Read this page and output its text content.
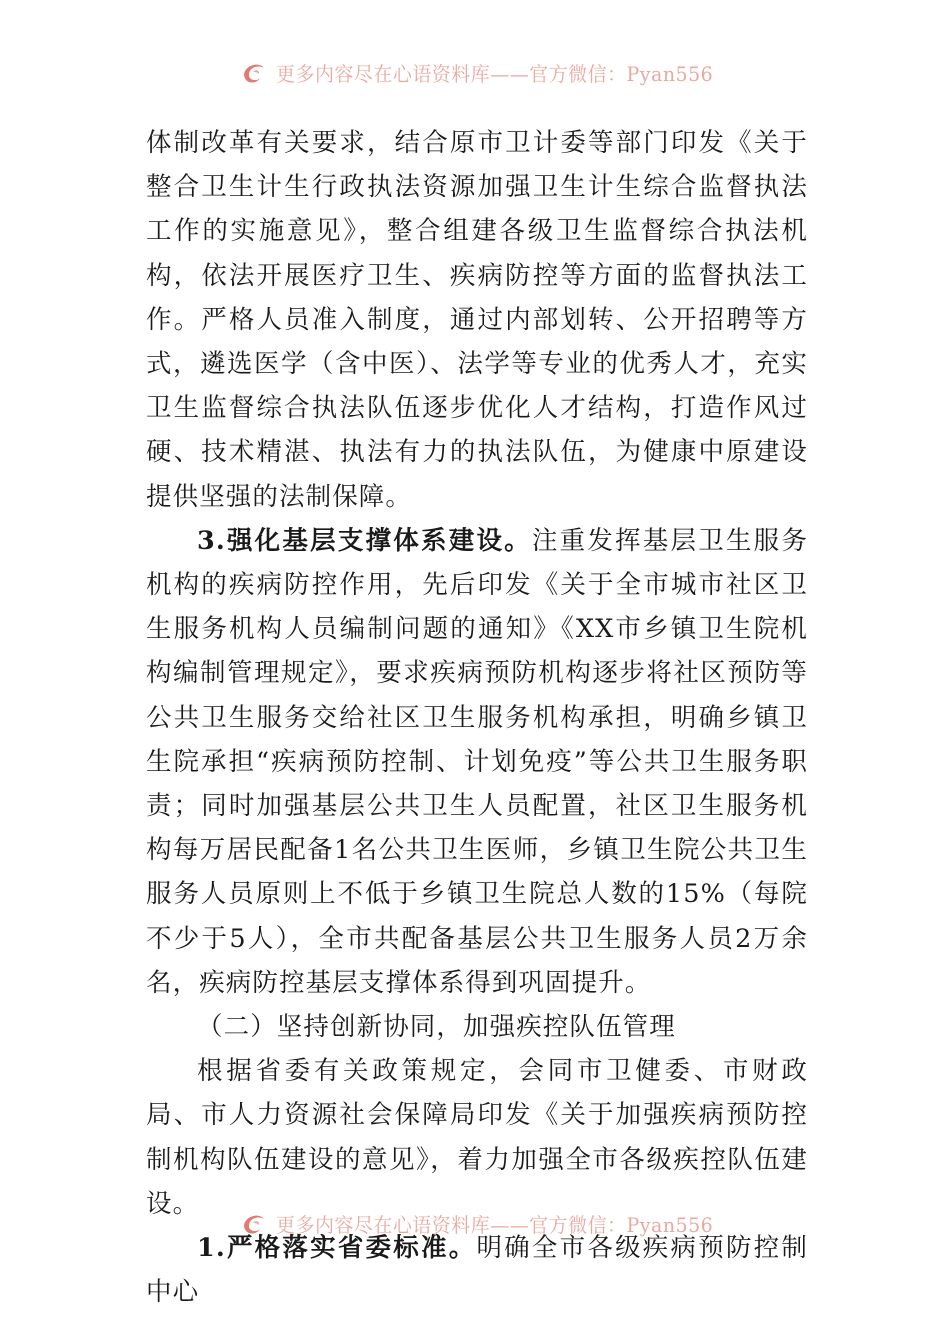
更多内容尽在心语资料库——官方微信：Pyan556

体制改革有关要求，结合原市卫计委等部门印发《关于整合卫生计生行政执法资源加强卫生计生综合监督执法工作的实施意见》，整合组建各级卫生监督综合执法机构，依法开展医疗卫生、疾病防控等方面的监督执法工作。严格人员准入制度，通过内部划转、公开招聘等方式，遴选医学（含中医）、法学等专业的优秀人才，充实卫生监督综合执法队伍逐步优化人才结构，打造作风过硬、技术精湛、执法有力的执法队伍，为健康中原建设提供坚强的法制保障。

3.强化基层支撑体系建设。注重发挥基层卫生服务机构的疾病防控作用，先后印发《关于全市城市社区卫生服务机构人员编制问题的通知》《XX市乡镇卫生院机构编制管理规定》，要求疾病预防机构逐步将社区预防等公共卫生服务交给社区卫生服务机构承担，明确乡镇卫生院承担“疾病预防控制、计划免疫”等公共卫生服务职责；同时加强基层公共卫生人员配置，社区卫生服务机构每万居民配备1名公共卫生医师，乡镇卫生院公共卫生服务人员原则上不低于乡镇卫生院总人数的15%（每院不少于5人），全市共配备基层公共卫生服务人员2万余名，疾病防控基层支撑体系得到巩固提升。

（二）坚持创新协同，加强疾控队伍管理

根据省委有关政策规定，会同市卫健委、市财政局、市人力资源社会保障局印发《关于加强疾病预防控制机构队伍建设的意见》，着力加强全市各级疾控队伍建设。

1.严格落实省委标准。明确全市各级疾病预防控制中心

更多内容尽在心语资料库——官方微信：Pyan556
